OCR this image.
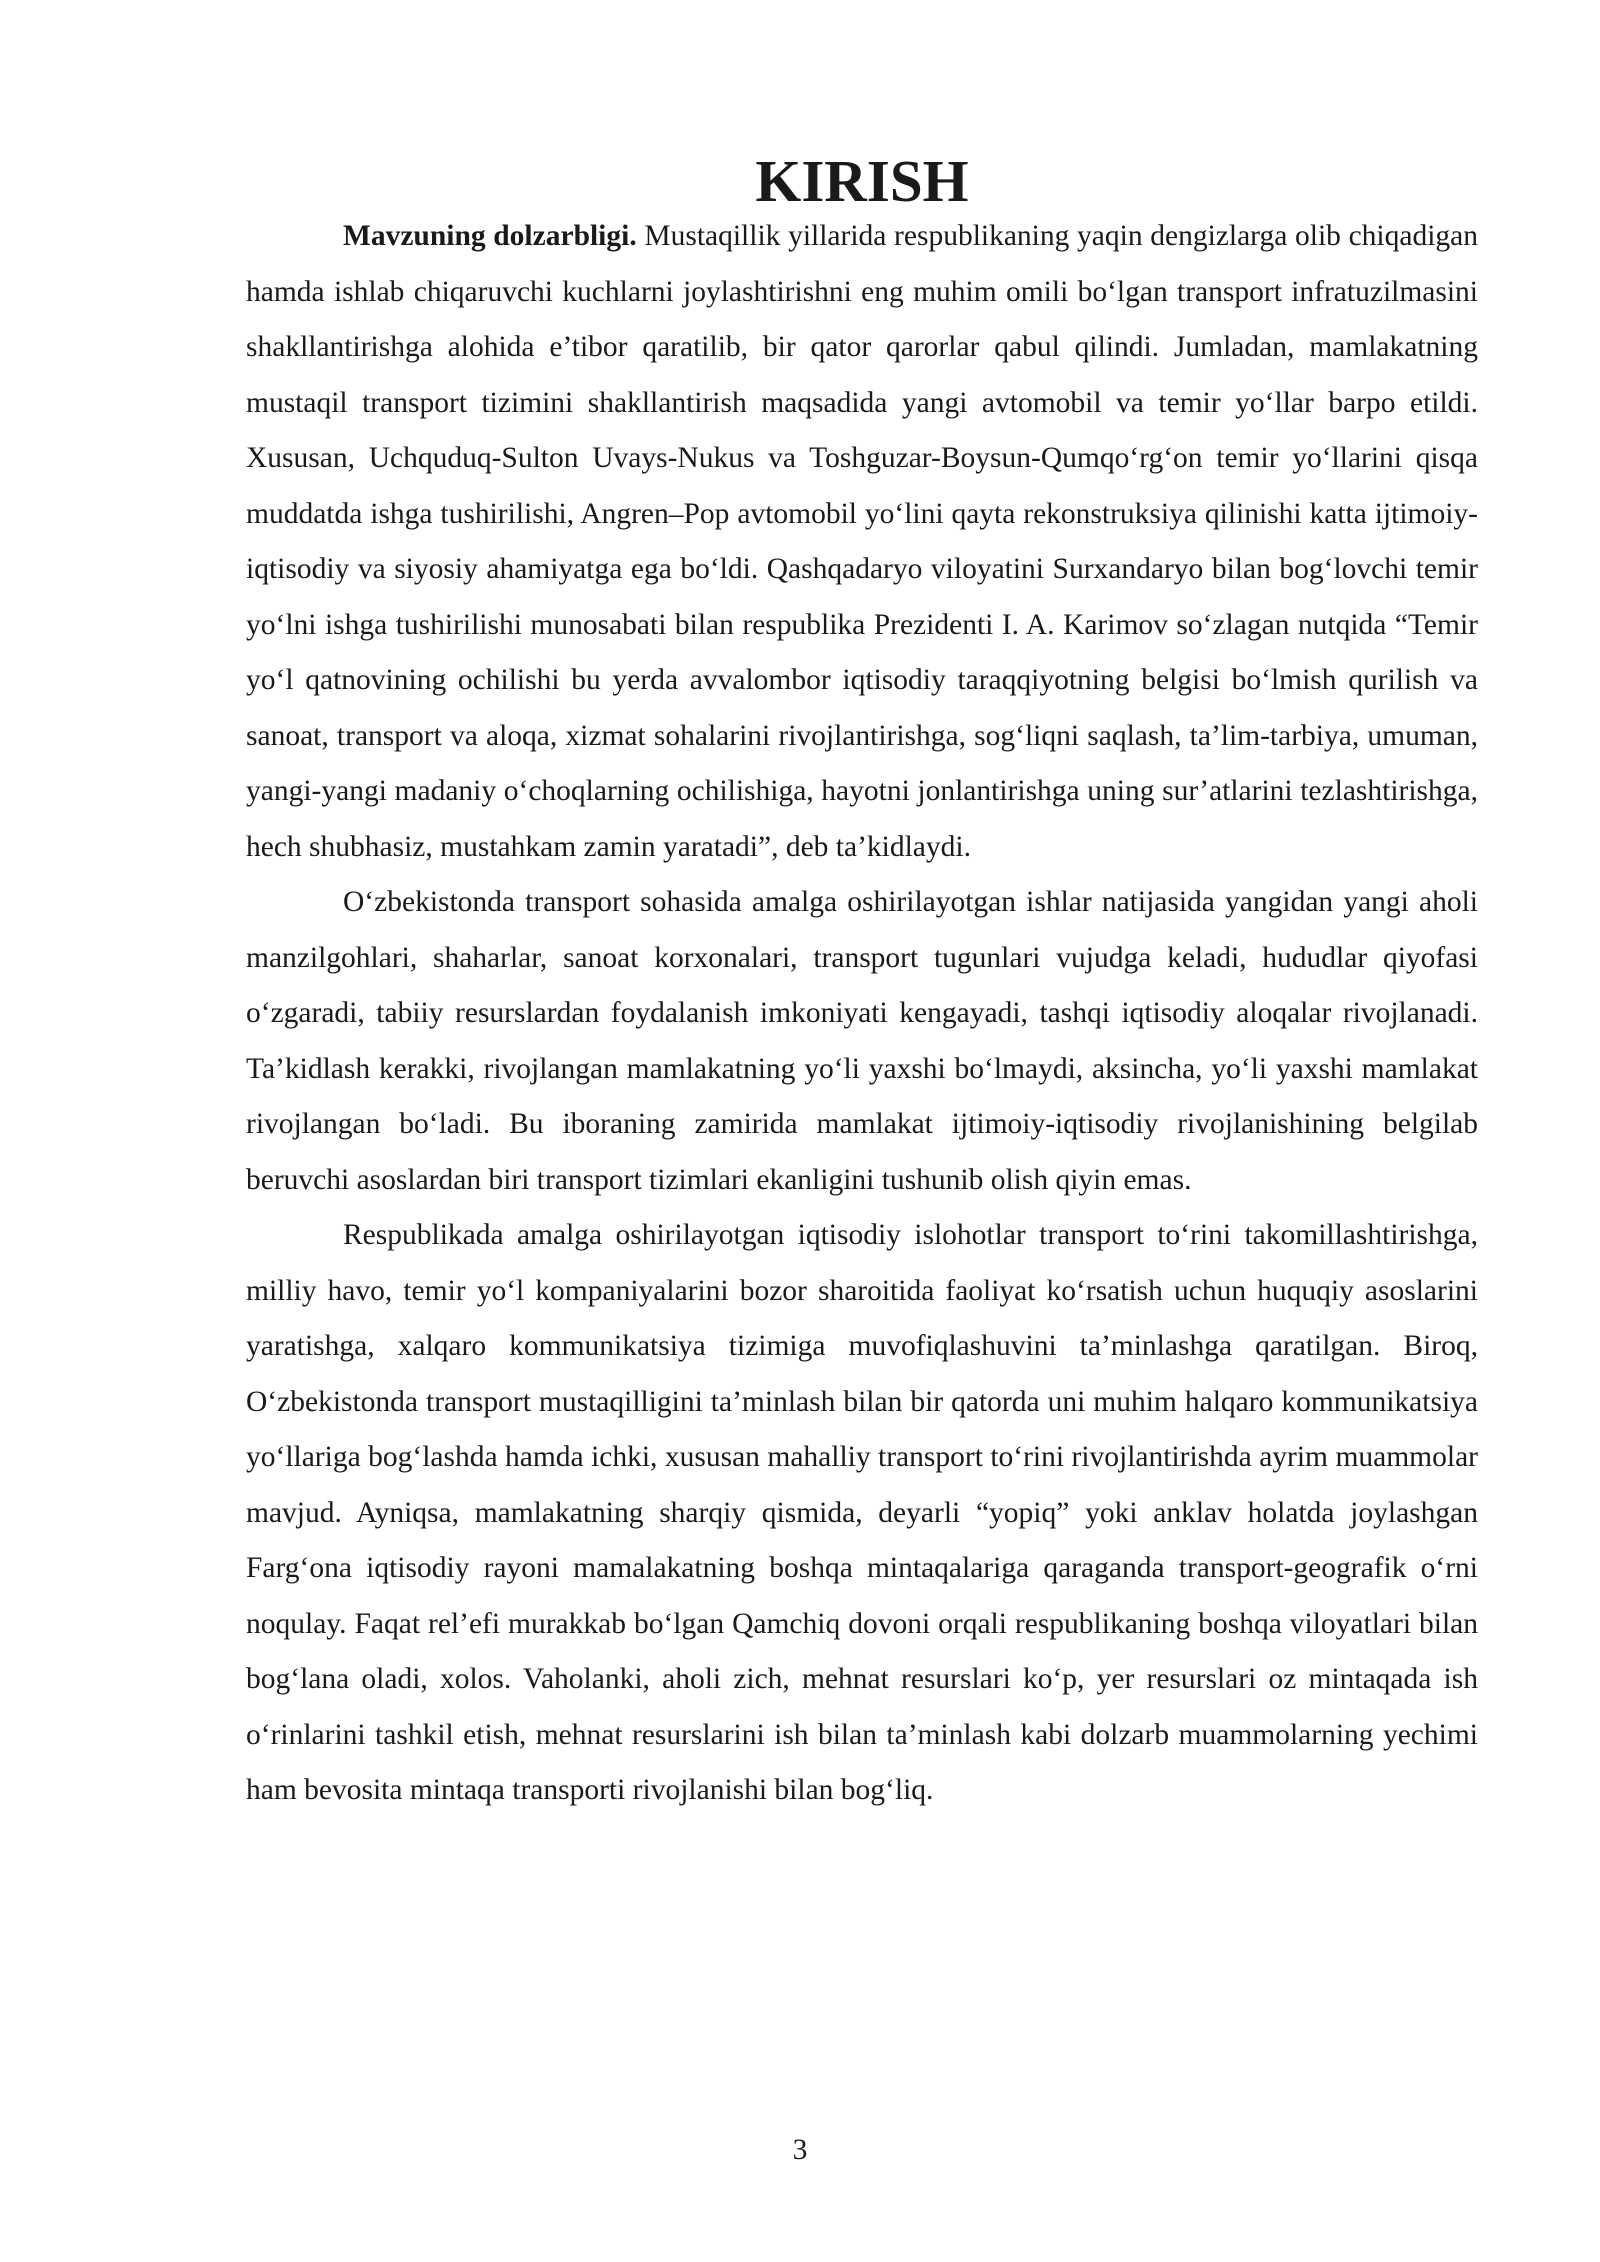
KIRISH

Mavzuning dolzarbligi. Mustaqillik yillarida respublikaning yaqin dengizlarga olib chiqadigan hamda ishlab chiqaruvchi kuchlarni joylashtirishni eng muhim omili bo‘lgan transport infratuzilmasini shakllantirishga alohida e’tibor qaratilib, bir qator qarorlar qabul qilindi. Jumladan, mamlakatning mustaqil transport tizimini shakllantirish maqsadida yangi avtomobil va temir yo‘llar barpo etildi. Xususan, Uchquduq-Sulton Uvays-Nukus va Toshguzar-Boysun-Qumqo‘rg‘on temir yo‘llarini qisqa muddatda ishga tushirilishi, Angren–Pop avtomobil yo‘lini qayta rekonstruksiya qilinishi katta ijtimoiy-iqtisodiy va siyosiy ahamiyatga ega bo‘ldi. Qashqadaryo viloyatini Surxandaryo bilan bog‘lovchi temir yo‘lni ishga tushirilishi munosabati bilan respublika Prezidenti I. A. Karimov so‘zlagan nutqida “Temir yo‘l qatnovining ochilishi bu yerda avvalombor iqtisodiy taraqqiyotning belgisi bo‘lmish qurilish va sanoat, transport va aloqa, xizmat sohalarini rivojlantirishga, sog‘liqni saqlash, ta’lim-tarbiya, umuman, yangi-yangi madaniy o‘choqlarning ochilishiga, hayotni jonlantirishga uning sur’atlarini tezlashtirishga, hech shubhasiz, mustahkam zamin yaratadi”, deb ta’kidlaydi.

O‘zbekistonda transport sohasida amalga oshirilayotgan ishlar natijasida yangidan yangi aholi manzilgohlari, shaharlar, sanoat korxonalari, transport tugunlari vujudga keladi, hududlar qiyofasi o‘zgaradi, tabiiy resurslardan foydalanish imkoniyati kengayadi, tashqi iqtisodiy aloqalar rivojlanadi. Ta’kidlash kerakki, rivojlangan mamlakatning yo‘li yaxshi bo‘lmaydi, aksincha, yo‘li yaxshi mamlakat rivojlangan bo‘ladi. Bu iboraning zamirida mamlakat ijtimoiy-iqtisodiy rivojlanishining belgilab beruvchi asoslardan biri transport tizimlari ekanligini tushunib olish qiyin emas.

Respublikada amalga oshirilayotgan iqtisodiy islohotlar transport to‘rini takomillashtirishga, milliy havo, temir yo‘l kompaniyalarini bozor sharoitida faoliyat ko‘rsatish uchun huquqiy asoslarini yaratishga, xalqaro kommunikatsiya tizimiga muvofiqlashuvini ta’minlashga qaratilgan. Biroq, O‘zbekistonda transport mustaqilligini ta’minlash bilan bir qatorda uni muhim halqaro kommunikatsiya yo‘llariga bog‘lashda hamda ichki, xususan mahalliy transport to‘rini rivojlantirishda ayrim muammolar mavjud. Ayniqsa, mamlakatning sharqiy qismida, deyarli “yopiq” yoki anklav holatda joylashgan Farg‘ona iqtisodiy rayoni mamalakatning boshqa mintaqalariga qaraganda transport-geografik o‘rni noqulay. Faqat rel’efi murakkab bo‘lgan Qamchiq dovoni orqali respublikaning boshqa viloyatlari bilan bog‘lana oladi, xolos. Vaholanki, aholi zich, mehnat resurslari ko‘p, yer resurslari oz mintaqada ish o‘rinlarini tashkil etish, mehnat resurslarini ish bilan ta’minlash kabi dolzarb muammolarning yechimi ham bevosita mintaqa transporti rivojlanishi bilan bog‘liq.

3
